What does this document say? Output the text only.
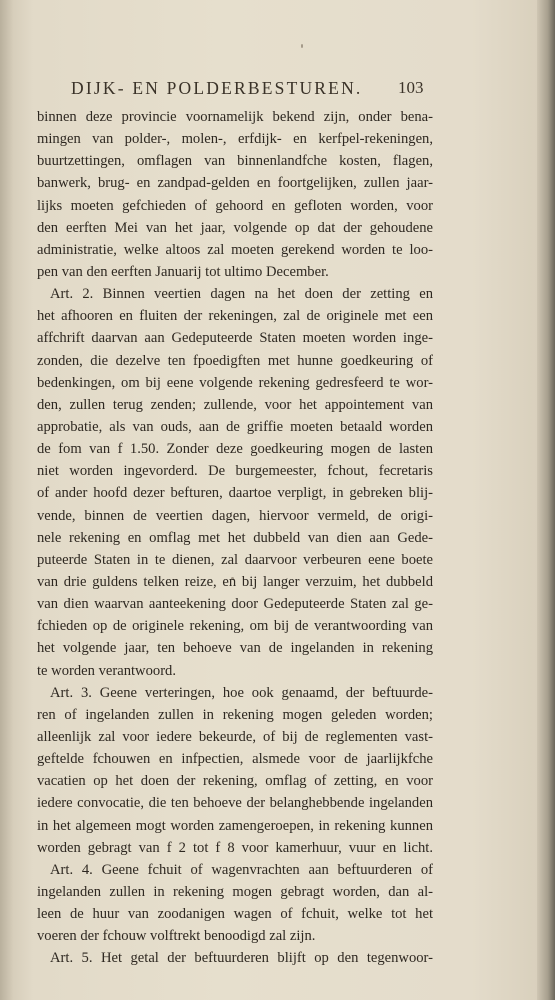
DIJK- EN POLDERBESTUREN.	103
binnen deze provincie voornamelijk bekend zijn, onder bena-
mingen van polder-, molen-, erfdijk- en kerfpel-rekeningen,
buurtzettingen, omflagen van binnenlandfche kosten, flagen,
banwerk, brug- en zandpad-gelden en foortgelijken, zullen jaar-
lijks moeten gefchieden of gehoord en gefloten worden, voor
den eerften Mei van het jaar, volgende op dat der gehoudene
administratie, welke altoos zal moeten gerekend worden te loo-
pen van den eerften Januarij tot ultimo December.
Art. 2. Binnen veertien dagen na het doen der zetting en
het afhooren en fluiten der rekeningen, zal de originele met een
affchrift daarvan aan Gedeputeerde Staten moeten worden inge-
zonden, die dezelve ten fpoedigften met hunne goedkeuring of
bedenkingen, om bij eene volgende rekening gedresfeerd te wor-
den, zullen terug zenden; zullende, voor het appointement van
approbatie, als van ouds, aan de griffie moeten betaald worden
de fom van f 1.50. Zonder deze goedkeuring mogen de lasten
niet worden ingevorderd. De burgemeester, fchout, fecretaris
of ander hoofd dezer befturen, daartoe verpligt, in gebreken blij-
vende, binnen de veertien dagen, hiervoor vermeld, de origi-
nele rekening en omflag met het dubbeld van dien aan Gede-
puteerde Staten in te dienen, zal daarvoor verbeuren eene boete
van drie guldens telken reize, en bij langer verzuim, het dubbeld
van dien waarvan aanteekening door Gedeputeerde Staten zal ge-
fchieden op de originele rekening, om bij de verantwoording van
het volgende jaar, ten behoeve van de ingelanden in rekening
te worden verantwoord.
Art. 3. Geene verteringen, hoe ook genaamd, der beftuurde-
ren of ingelanden zullen in rekening mogen geleden worden;
alleenlijk zal voor iedere bekeurde, of bij de reglementen vast-
geftelde fchouwen en infpectien, alsmede voor de jaarlijkfche
vacatien op het doen der rekening, omflag of zetting, en voor
iedere convocatie, die ten behoeve der belanghebbende ingelanden
in het algemeen mogt worden zamengeroepen, in rekening kunnen
worden gebragt van f 2 tot f 8 voor kamerhuur, vuur en licht.
Art. 4. Geene fchuit of wagenvrachten aan beftuurderen of
ingelanden zullen in rekening mogen gebragt worden, dan al-
leen de huur van zoodanigen wagen of fchuit, welke tot het
voeren der fchouw volftrekt benoodigd zal zijn.
Art. 5. Het getal der beftuurderen blijft op den tegenwoor-
